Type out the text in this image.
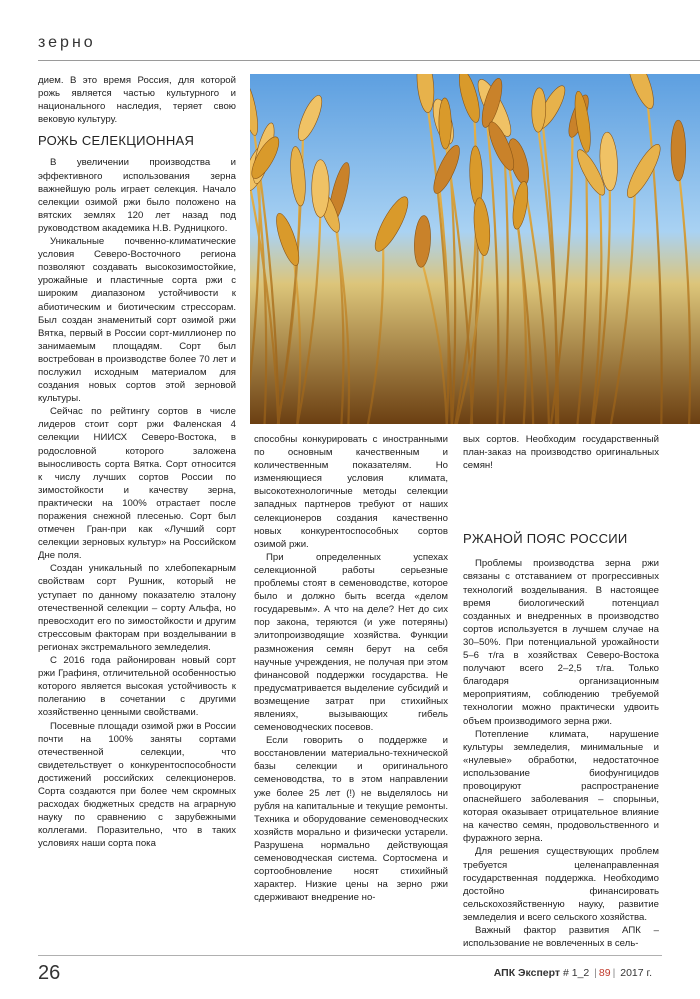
зерно

дием. В это время Россия, для которой рожь является частью культурного и национального наследия, теряет свою вековую культуру.

РОЖЬ СЕЛЕКЦИОННАЯ

В увеличении производства и эффективного использования зерна важнейшую роль играет селекция. Начало селекции озимой ржи было положено на вятских землях 120 лет назад под руководством академика Н.В. Рудницкого.

Уникальные почвенно-климатические условия Северо-Восточного региона позволяют создавать высокозимостойкие, урожайные и пластичные сорта ржи с широким диапазоном устойчивости к абиотическим и биотическим стрессорам. Был создан знаменитый сорт озимой ржи Вятка, первый в России сорт-миллионер по занимаемым площадям. Сорт был востребован в производстве более 70 лет и послужил исходным материалом для создания новых сортов этой зерновой культуры.

Сейчас по рейтингу сортов в числе лидеров стоит сорт ржи Фаленская 4 селекции НИИСХ Северо-Востока, в родословной которого заложена выносливость сорта Вятка. Сорт относится к числу лучших сортов России по зимостойкости и качеству зерна, практически на 100% отрастает после поражения снежной плесенью. Сорт был отмечен Гран-при как «Лучший сорт селекции зерновых культур» на Российском Дне поля.

Создан уникальный по хлебопекарным свойствам сорт Рушник, который не уступает по данному показателю эталону отечественной селекции – сорту Альфа, но превосходит его по зимостойкости и другим стрессовым факторам при возделывании в регионах экстремального земледелия.

С 2016 года районирован новый сорт ржи Графиня, отличительной особенностью которого является высокая устойчивость к полеганию в сочетании с другими хозяйственно ценными свойствами.

Посевные площади озимой ржи в России почти на 100% заняты сортами отечественной селекции, что свидетельствует о конкурентоспособности достижений российских селекционеров. Сорта создаются при более чем скромных расходах бюджетных средств на аграрную науку по сравнению с зарубежными коллегами. Поразительно, что в таких условиях наши сорта пока

способны конкурировать с иностранными по основным качественным и количественным показателям. Но изменяющиеся условия климата, высокотехнологичные методы селекции западных партнеров требуют от наших селекционеров создания качественно новых конкурентоспособных сортов озимой ржи.

При определенных успехах селекционной работы серьезные проблемы стоят в семеноводстве, которое было и должно быть всегда «делом государевым». А что на деле? Нет до сих пор закона, теряются (и уже потеряны) элитопроизводящие хозяйства. Функции размножения семян берут на себя научные учреждения, не получая при этом финансовой поддержки государства. Не предусматривается выделение субсидий и возмещение затрат при стихийных явлениях, вызывающих гибель семеноводческих посевов.

Если говорить о поддержке и восстановлении материально-технической базы селекции и оригинального семеноводства, то в этом направлении уже более 25 лет (!) не выделялось ни рубля на капитальные и текущие ремонты. Техника и оборудование семеноводческих хозяйств морально и физически устарели. Разрушена нормально действующая семеноводческая система. Сортосмена и сортообновление носят стихийный характер. Низкие цены на зерно ржи сдерживают внедрение но-

вых сортов. Необходим государственный план-заказ на производство оригинальных семян!

РЖАНОЙ ПОЯС РОССИИ

Проблемы производства зерна ржи связаны с отставанием от прогрессивных технологий возделывания. В настоящее время биологический потенциал созданных и внедренных в производство сортов используется в лучшем случае на 30–50%. При потенциальной урожайности 5–6 т/га в хозяйствах Северо-Востока получают всего 2–2,5 т/га. Только благодаря организационным мероприятиям, соблюдению требуемой технологии можно практически удвоить объем производимого зерна ржи.

Потепление климата, нарушение культуры земледелия, минимальные и «нулевые» обработки, недостаточное использование биофунгицидов провоцируют распространение опаснейшего заболевания – спорыньи, которая оказывает отрицательное влияние на качество семян, продовольственного и фуражного зерна.

Для решения существующих проблем требуется целенаправленная государственная поддержка. Необходимо достойно финансировать сельскохозяйственную науку, развитие земледелия и всего сельского хозяйства.

Важный фактор развития АПК – использование не вовлеченных в сель-

26	АПК Эксперт # 1_2 | 89 | 2017 г.
